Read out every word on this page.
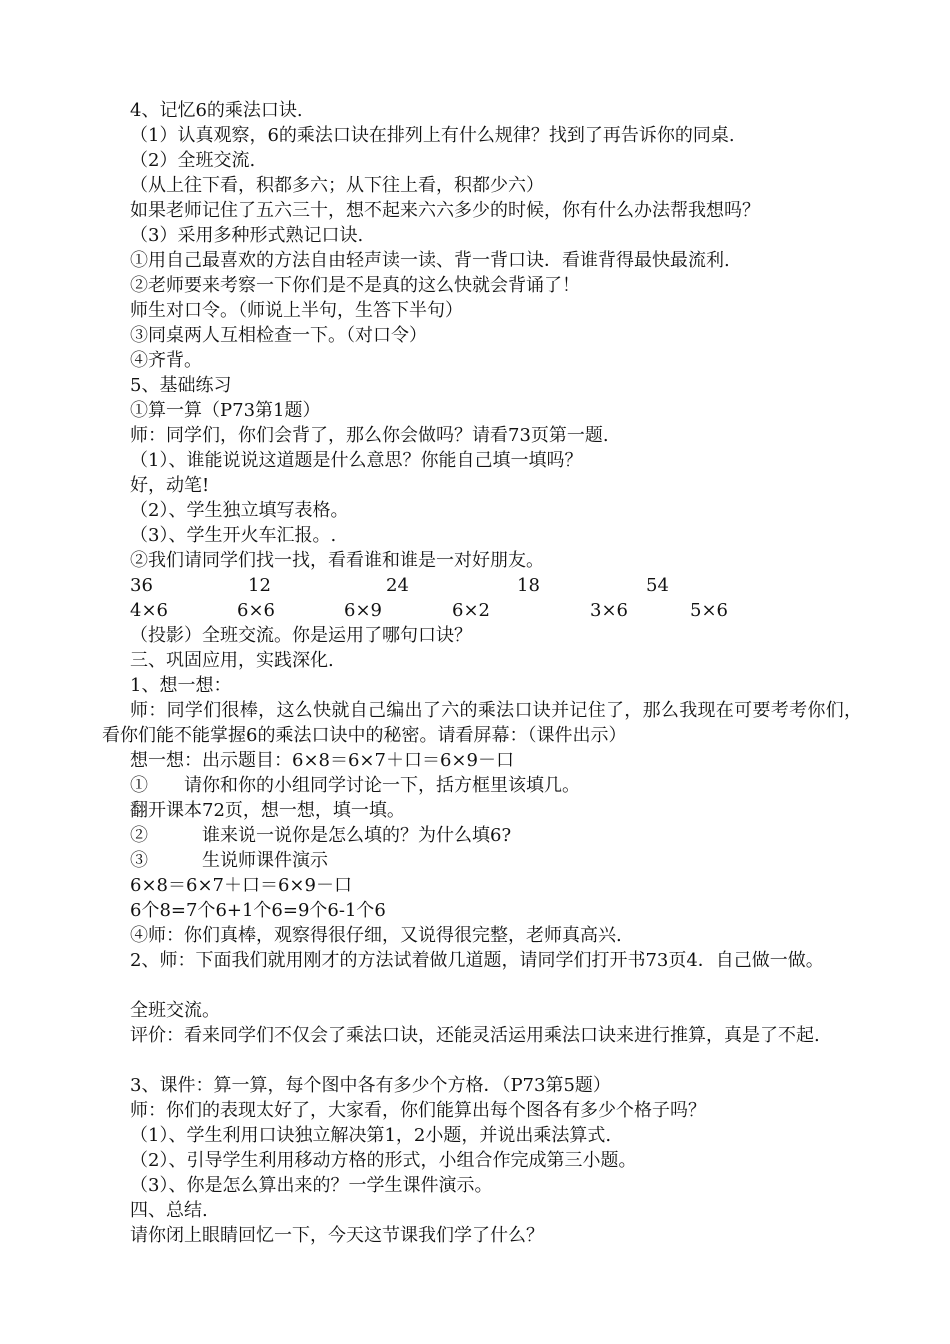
4、记忆6的乘法口诀.
（1）认真观察，6的乘法口诀在排列上有什么规律？找到了再告诉你的同桌.
（2）全班交流.
（从上往下看，积都多六；从下往上看，积都少六）
如果老师记住了五六三十，想不起来六六多少的时候，你有什么办法帮我想吗？
（3）采用多种形式熟记口诀.
①用自己最喜欢的方法自由轻声读一读、背一背口诀．看谁背得最快最流利.
②老师要来考察一下你们是不是真的这么快就会背诵了！
师生对口令。（师说上半句，生答下半句）
③同桌两人互相检查一下。（对口令）
④齐背。
5、基础练习
①算一算（P73第1题）
师：同学们，你们会背了，那么你会做吗？请看73页第一题.
（1）、谁能说说这道题是什么意思？你能自己填一填吗？
好，动笔!
（2）、学生独立填写表格。
（3）、学生开火车汇报。.
②我们请同学们找一找，看看谁和谁是一对好朋友。
36	12	24	18	54
4×6	6×6	6×9	6×2	3×6	5×6
（投影）全班交流。你是运用了哪句口诀？
三、巩固应用，实践深化.
1、想一想：
师：同学们很棒，这么快就自己编出了六的乘法口诀并记住了，那么我现在可要考考你们，看你们能不能掌握6的乘法口诀中的秘密。请看屏幕：（课件出示）
想一想：出示题目：6×8＝6×7＋口＝6×9－口
①　　请你和你的小组同学讨论一下，括方框里该填几。
翻开课本72页，想一想，填一填。
②　　　谁来说一说你是怎么填的？为什么填6?
③　　　生说师课件演示
6×8＝6×7＋口＝6×9－口
6个8=7个6+1个6=9个6-1个6
④师：你们真棒，观察得很仔细，又说得很完整，老师真高兴.
2、师：下面我们就用刚才的方法试着做几道题，请同学们打开书73页4．自己做一做。
全班交流。
评价：看来同学们不仅会了乘法口诀，还能灵活运用乘法口诀来进行推算，真是了不起.
3、课件：算一算，每个图中各有多少个方格．（P73第5题）
师：你们的表现太好了，大家看，你们能算出每个图各有多少个格子吗？
（1）、学生利用口诀独立解决第1，2小题，并说出乘法算式.
（2）、引导学生利用移动方格的形式，小组合作完成第三小题。
（3）、你是怎么算出来的？一学生课件演示。
四、总结.
请你闭上眼睛回忆一下，今天这节课我们学了什么？
